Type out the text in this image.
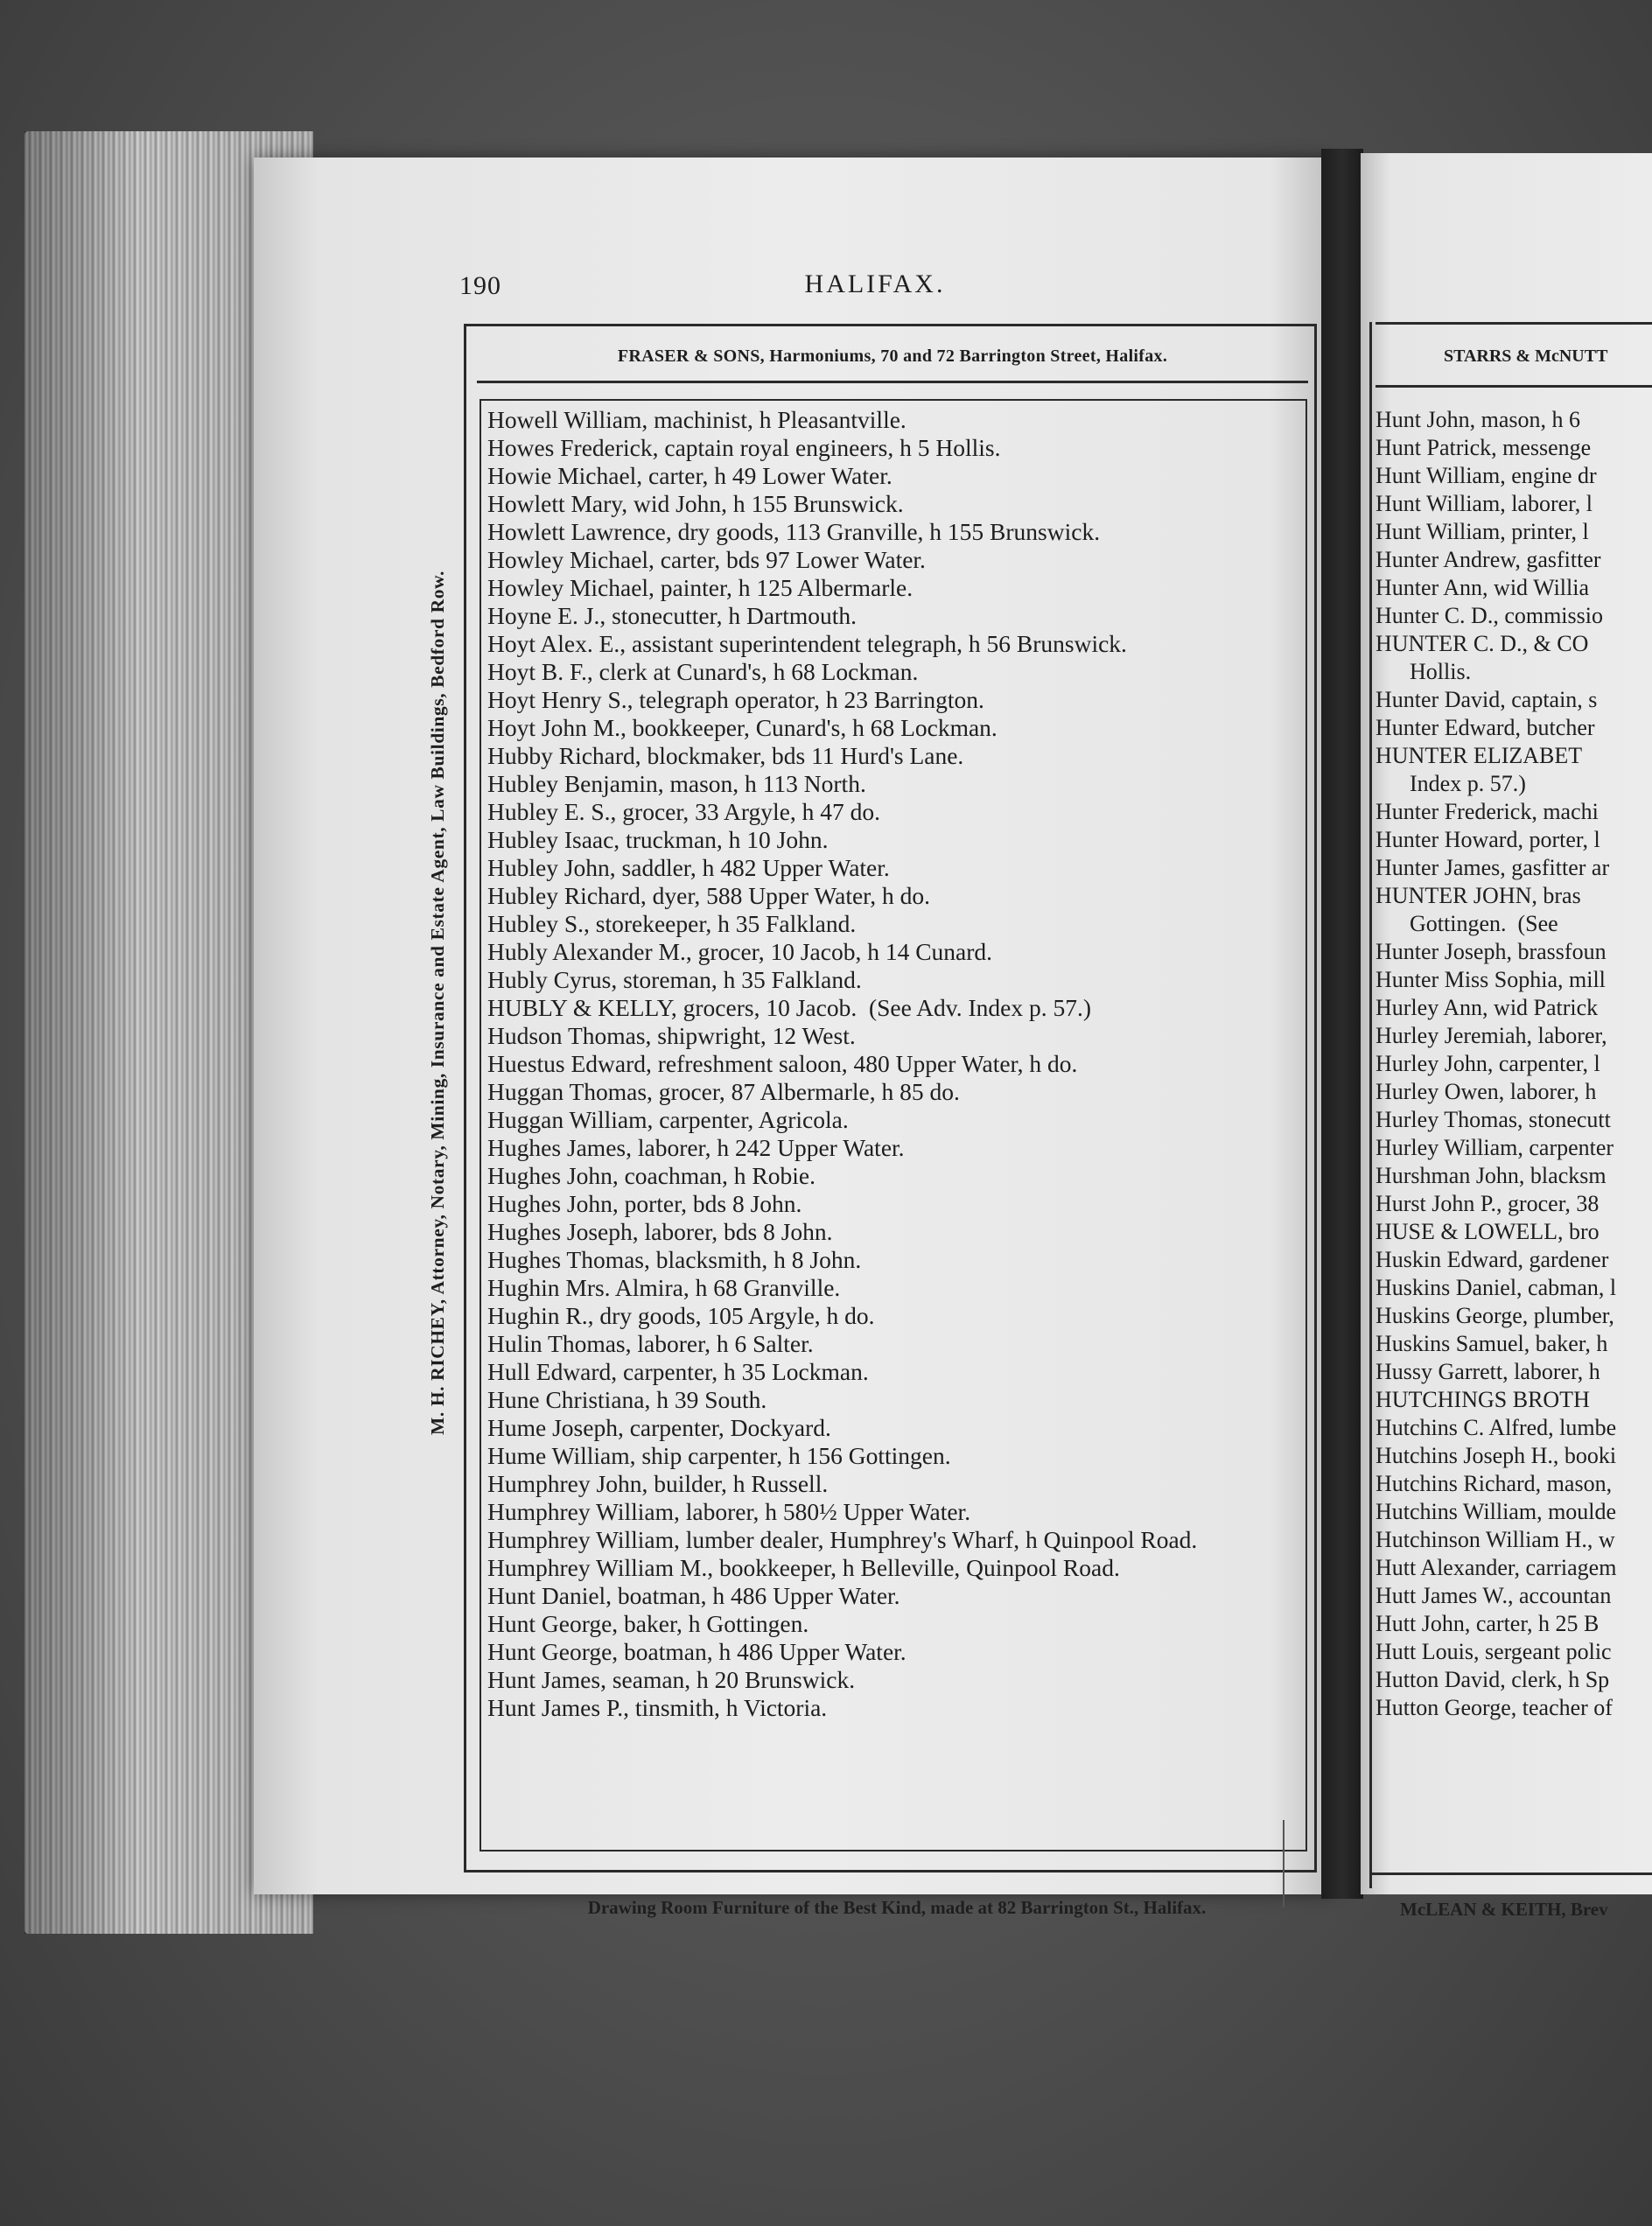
190	HALIFAX.
FRASER & SONS, Harmoniums, 70 and 72 Barrington Street, Halifax.
Howell William, machinist, h Pleasantville.
Howes Frederick, captain royal engineers, h 5 Hollis.
Howie Michael, carter, h 49 Lower Water.
Howlett Mary, wid John, h 155 Brunswick.
Howlett Lawrence, dry goods, 113 Granville, h 155 Brunswick.
Howley Michael, carter, bds 97 Lower Water.
Howley Michael, painter, h 125 Albermarle.
Hoyne E. J., stonecutter, h Dartmouth.
Hoyt Alex. E., assistant superintendent telegraph, h 56 Brunswick.
Hoyt B. F., clerk at Cunard's, h 68 Lockman.
Hoyt Henry S., telegraph operator, h 23 Barrington.
Hoyt John M., bookkeeper, Cunard's, h 68 Lockman.
Hubby Richard, blockmaker, bds 11 Hurd's Lane.
Hubley Benjamin, mason, h 113 North.
Hubley E. S., grocer, 33 Argyle, h 47 do.
Hubley Isaac, truckman, h 10 John.
Hubley John, saddler, h 482 Upper Water.
Hubley Richard, dyer, 588 Upper Water, h do.
Hubley S., storekeeper, h 35 Falkland.
Hubly Alexander M., grocer, 10 Jacob, h 14 Cunard.
Hubly Cyrus, storeman, h 35 Falkland.
HUBLY & KELLY, grocers, 10 Jacob.  (See Adv. Index p. 57.)
Hudson Thomas, shipwright, 12 West.
Huestus Edward, refreshment saloon, 480 Upper Water, h do.
Huggan Thomas, grocer, 87 Albermarle, h 85 do.
Huggan William, carpenter, Agricola.
Hughes James, laborer, h 242 Upper Water.
Hughes John, coachman, h Robie.
Hughes John, porter, bds 8 John.
Hughes Joseph, laborer, bds 8 John.
Hughes Thomas, blacksmith, h 8 John.
Hughin Mrs. Almira, h 68 Granville.
Hughin R., dry goods, 105 Argyle, h do.
Hulin Thomas, laborer, h 6 Salter.
Hull Edward, carpenter, h 35 Lockman.
Hune Christiana, h 39 South.
Hume Joseph, carpenter, Dockyard.
Hume William, ship carpenter, h 156 Gottingen.
Humphrey John, builder, h Russell.
Humphrey William, laborer, h 580½ Upper Water.
Humphrey William, lumber dealer, Humphrey's Wharf, h Quinpool Road.
Humphrey William M., bookkeeper, h Belleville, Quinpool Road.
Hunt Daniel, boatman, h 486 Upper Water.
Hunt George, baker, h Gottingen.
Hunt George, boatman, h 486 Upper Water.
Hunt James, seaman, h 20 Brunswick.
Hunt James P., tinsmith, h Victoria.
M. H. RICHEY, Attorney, Notary, Mining, Insurance and Estate Agent, Law Buildings, Bedford Row.
Drawing Room Furniture of the Best Kind, made at 82 Barrington St., Halifax.
STARRS & McNUTT
Hunt John, mason, h 6
Hunt Patrick, messenge
Hunt William, engine dr
Hunt William, laborer, l
Hunt William, printer, l
Hunter Andrew, gasfitter
Hunter Ann, wid Willia
Hunter C. D., commissio
HUNTER C. D., & CO
Hollis.
Hunter David, captain, s
Hunter Edward, butcher
HUNTER ELIZABET
Index p. 57.)
Hunter Frederick, machi
Hunter Howard, porter, l
Hunter James, gasfitter ar
HUNTER JOHN, bras
Gottingen.  (See
Hunter Joseph, brassfoun
Hunter Miss Sophia, mill
Hurley Ann, wid Patrick
Hurley Jeremiah, laborer,
Hurley John, carpenter, l
Hurley Owen, laborer, h
Hurley Thomas, stonecutt
Hurley William, carpenter
Hurshman John, blacksm
Hurst John P., grocer, 38
HUSE & LOWELL, bro
Huskin Edward, gardener
Huskins Daniel, cabman, l
Huskins George, plumber,
Huskins Samuel, baker, h
Hussy Garrett, laborer, h
HUTCHINGS BROTH
Hutchins C. Alfred, lumbe
Hutchins Joseph H., booki
Hutchins Richard, mason,
Hutchins William, moulde
Hutchinson William H., w
Hutt Alexander, carriagem
Hutt James W., accountan
Hutt John, carter, h 25 B
Hutt Louis, sergeant polic
Hutton David, clerk, h Sp
Hutton George, teacher of
McLEAN & KEITH, Brev
